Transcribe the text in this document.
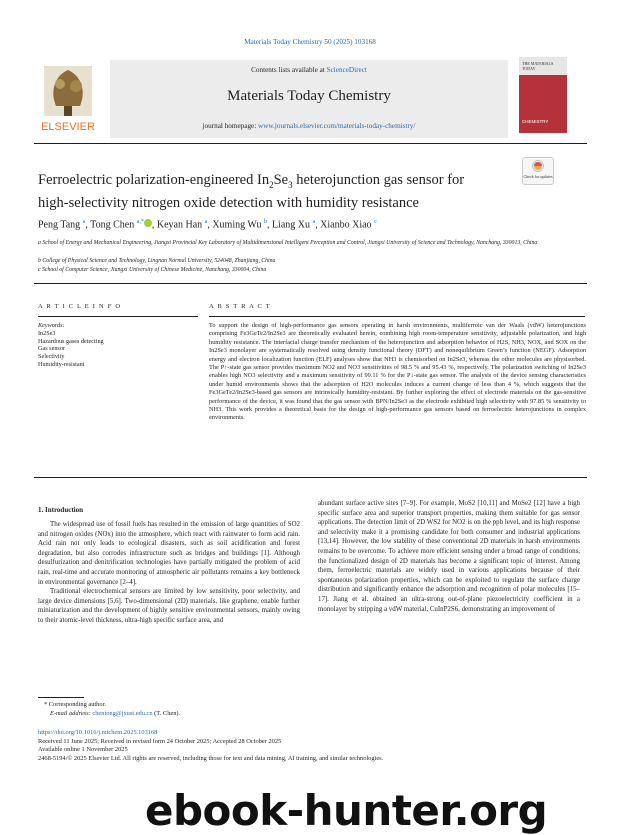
Materials Today Chemistry 50 (2025) 103168
ELSEVIER
Contents lists available at ScienceDirect
Materials Today Chemistry
journal homepage: www.journals.elsevier.com/materials-today-chemistry/
THE MATERIALS TODAY
CHEMISTRY
Ferroelectric polarization-engineered $In_2Se_3$ heterojunction gas sensor for
high-selectivity nitrogen oxide detection with humidity resistance
Check for updates
Peng Tang $^a$, Tong Chen $^{a,*}$ , Keyan Han $^a$, Xuming Wu $^b$, Liang Xu $^a$, Xianbo Xiao $^c$
a School of Energy and Mechanical Engineering, Jiangxi Provincial Key Laboratory of Multidimensional Intelligent Perception and Control, Jiangxi University of Science and Technology, Nanchang, 330013, China
b College of Physical Science and Technology, Lingnan Normal University, 524048, Zhanjiang, China
c School of Computer Science, Jiangxi University of Chinese Medicine, Nanchang, 330004, China
A R T I C L E I N F O	A B S T R A C T
Keywords:
In2Se3
Hazardous gases detecting
Gas sensor
Selectivity
Humidity-resistant
To support the design of high-performance gas sensors operating in harsh environments, multiferroic van der Waals (vdW) heterojunctions comprising Fe3GeTe2/In2Se3 are theoretically evaluated herein, combining high room-temperature sensitivity, adjustable polarization, and high humidity resistance. The interfacial charge transfer mechanism of the heterojunction and adsorption behavior of H2S, NH3, NOX, and SOX on the In2Se3 monolayer are systematically resolved using density functional theory (DFT) and nonequilibrium Green’s function (NEGF). Adsorption energy and electron localization function (ELF) analyses show that NH3 is chemisorbed on In2Se3, whereas the other molecules are physisorbed. The P↑-state gas sensor provides maximum NO2 and NO3 sensitivities of 98.5 % and 95.43 %, respectively. The polarization switching of In2Se3 enables high NO3 selectivity and a maximum sensitivity of 99.11 % for the P↓-state gas sensor. The analysis of the device sensing characteristics under humid environments shows that the adsorption of H2O molecules induces a current change of less than 4 %, which suggests that the Fe3GeTe2/In2Se3-based gas sensors are intrinsically humidity-resistant. By further exploring the effect of electrode materials on the gas-sensitive performance of the device, it was found that the gas sensor with BPN/In2Se3 as the electrode exhibited high selectivity with 97.85 % sensitivity to NH3. This work provides a theoretical basis for the design of high-performance gas sensors based on ferroelectric heterojunctions in complex environments.
1. Introduction

The widespread use of fossil fuels has resulted in the emission of large quantities of SO2 and nitrogen oxides (NOx) into the atmosphere, which react with rainwater to form acid rain. Acid rain not only leads to ecological disasters, such as soil acidification and forest degradation, but also corrodes infrastructure such as bridges and buildings [1]. Although desulfurization and denitrification technologies have partially mitigated the problem of acid rain, real-time and accurate monitoring of atmospheric air pollutants remains a key bottleneck in environmental governance [2–4].

Traditional electrochemical sensors are limited by low sensitivity, poor selectivity, and large device dimensions [5,6]. Two-dimensional (2D) materials, like graphene, enable further miniaturization and the development of highly sensitive environmental sensors, mainly owing to their atomic-level thickness, ultra-high specific surface area, and

abundant surface active sites [7–9]. For example, MoS2 [10,11] and MoSe2 [12] have a high specific surface area and superior transport properties, making them suitable for gas sensor applications. The detection limit of 2D WS2 for NO2 is on the ppb level, and its high response and selectivity make it a promising candidate for both consumer and industrial applications [13,14]. However, the low stability of these conventional 2D materials in harsh environments remains to be overcome. To achieve more efficient sensing under a broad range of conditions, the functionalized design of 2D materials has become a significant topic of interest. Among them, ferroelectric materials are widely used in various applications because of their spontaneous polarization properties, which can be exploited to regulate the surface charge distribution and significantly enhance the adsorption and recognition of polar molecules [15–17]. Jiang et al. obtained an ultra-strong out-of-plane piezoelectricity coefficient in a monolayer by stripping a vdW material, CuInP2S6, demonstrating an improvement of

* Corresponding author.
E-mail address: chentong@jxust.edu.cn (T. Chen).
https://doi.org/10.1016/j.mtchem.2025.103168
Received 11 June 2025; Received in revised form 24 October 2025; Accepted 28 October 2025
Available online 1 November 2025
2468-5194/© 2025 Elsevier Ltd. All rights are reserved, including those for text and data mining, AI training, and similar technologies.
ebook-hunter.org
